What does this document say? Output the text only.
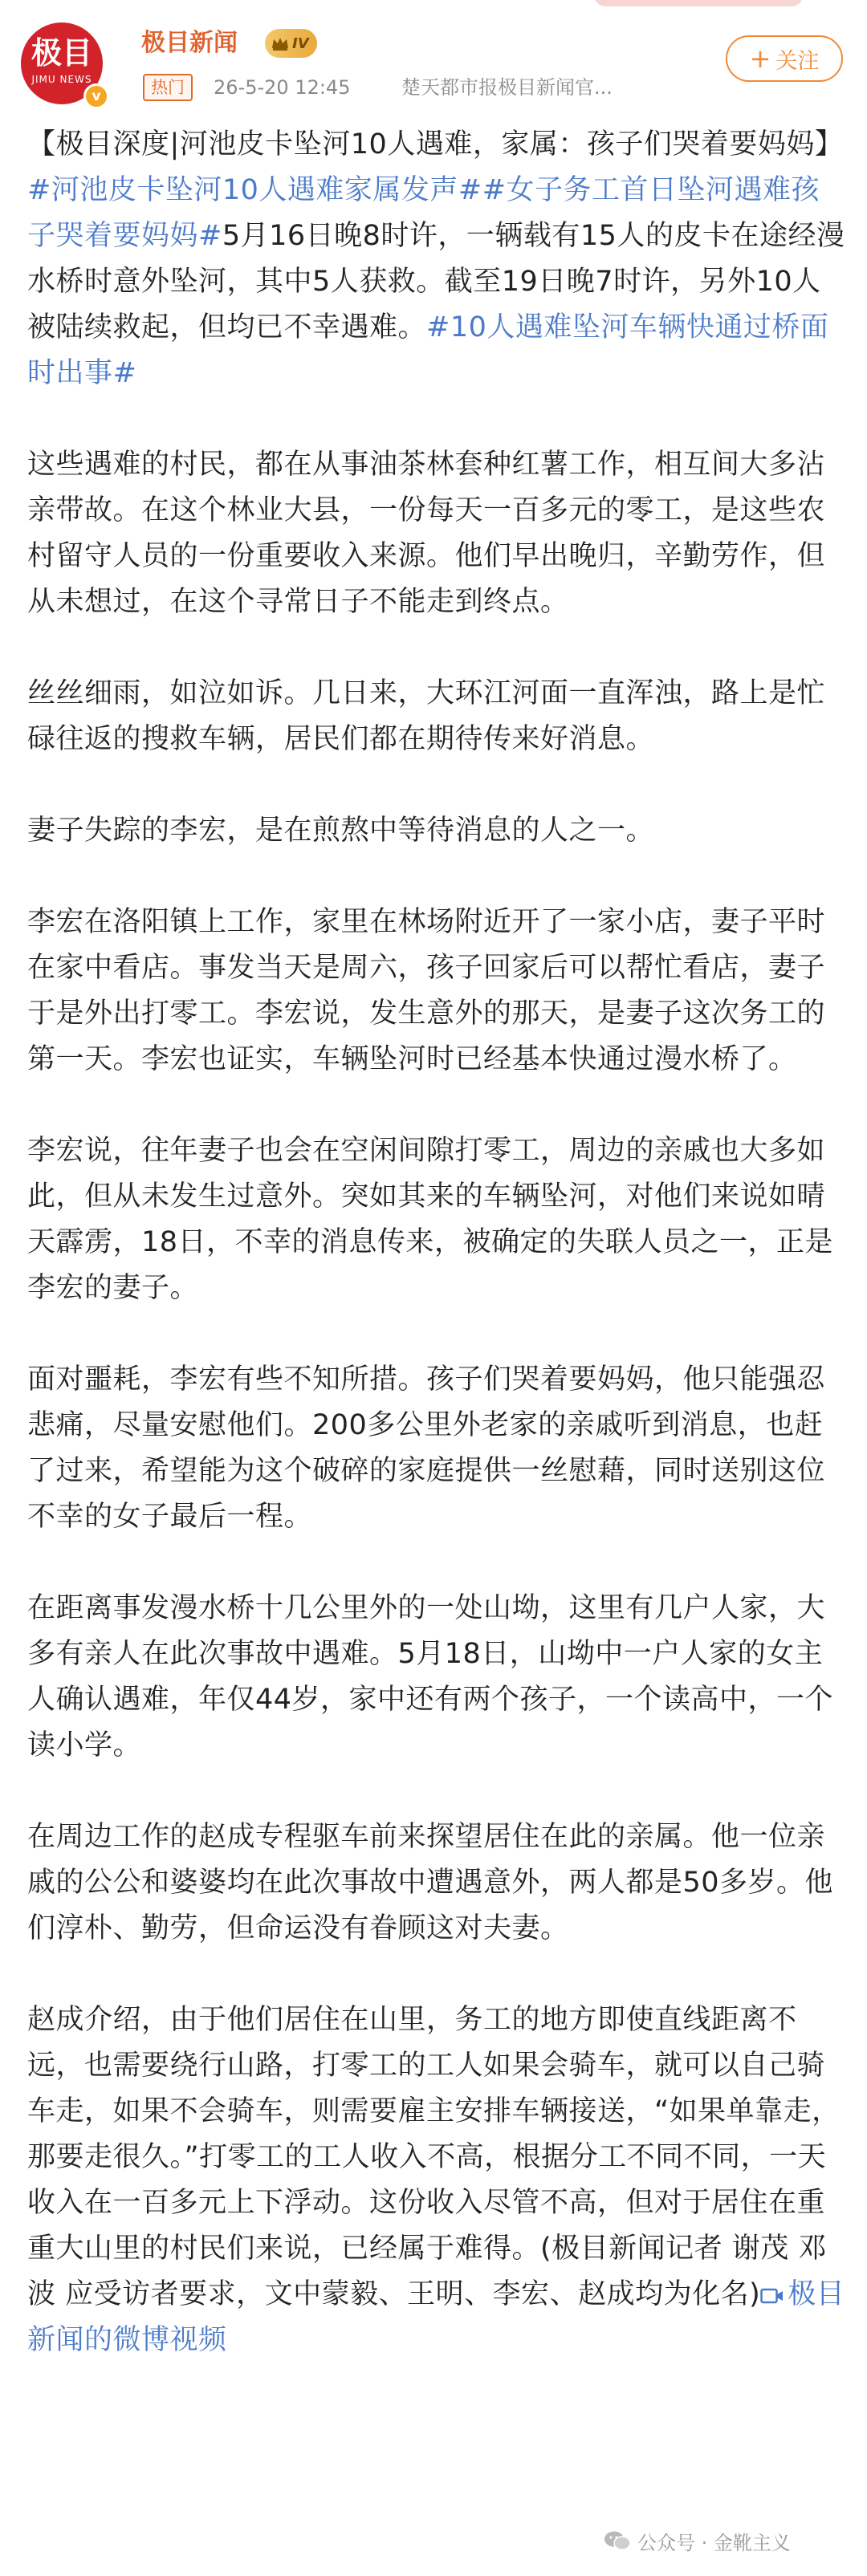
极目
JIMU NEWS
v
极目新闻	IV
热门	26-5-20 12:45	楚天都市报极目新闻官...
+ 关注

【极目深度|河池皮卡坠河10人遇难，家属：孩子们哭着要妈妈】#河池皮卡坠河10人遇难家属发声##女子务工首日坠河遇难孩子哭着要妈妈#5月16日晚8时许，一辆载有15人的皮卡在途经漫水桥时意外坠河，其中5人获救。截至19日晚7时许，另外10人被陆续救起，但均已不幸遇难。#10人遇难坠河车辆快通过桥面时出事#

这些遇难的村民，都在从事油茶林套种红薯工作，相互间大多沾亲带故。在这个林业大县，一份每天一百多元的零工，是这些农村留守人员的一份重要收入来源。他们早出晚归，辛勤劳作，但从未想过，在这个寻常日子不能走到终点。

丝丝细雨，如泣如诉。几日来，大环江河面一直浑浊，路上是忙碌往返的搜救车辆，居民们都在期待传来好消息。

妻子失踪的李宏，是在煎熬中等待消息的人之一。

李宏在洛阳镇上工作，家里在林场附近开了一家小店，妻子平时在家中看店。事发当天是周六，孩子回家后可以帮忙看店，妻子于是外出打零工。李宏说，发生意外的那天，是妻子这次务工的第一天。李宏也证实，车辆坠河时已经基本快通过漫水桥了。

李宏说，往年妻子也会在空闲间隙打零工，周边的亲戚也大多如此，但从未发生过意外。突如其来的车辆坠河，对他们来说如晴天霹雳，18日，不幸的消息传来，被确定的失联人员之一，正是李宏的妻子。

面对噩耗，李宏有些不知所措。孩子们哭着要妈妈，他只能强忍悲痛，尽量安慰他们。200多公里外老家的亲戚听到消息，也赶了过来，希望能为这个破碎的家庭提供一丝慰藉，同时送别这位不幸的女子最后一程。

在距离事发漫水桥十几公里外的一处山坳，这里有几户人家，大多有亲人在此次事故中遇难。5月18日，山坳中一户人家的女主人确认遇难，年仅44岁，家中还有两个孩子，一个读高中，一个读小学。

在周边工作的赵成专程驱车前来探望居住在此的亲属。他一位亲戚的公公和婆婆均在此次事故中遭遇意外，两人都是50多岁。他们淳朴、勤劳，但命运没有眷顾这对夫妻。

赵成介绍，由于他们居住在山里，务工的地方即使直线距离不远，也需要绕行山路，打零工的工人如果会骑车，就可以自己骑车走，如果不会骑车，则需要雇主安排车辆接送，“如果单靠走，那要走很久。”打零工的工人收入不高，根据分工不同不同，一天收入在一百多元上下浮动。这份收入尽管不高，但对于居住在重重大山里的村民们来说，已经属于难得。(极目新闻记者 谢茂 邓波 应受访者要求，文中蒙毅、王明、李宏、赵成均为化名) 极目新闻的微博视频

公众号 · 金靴主义
